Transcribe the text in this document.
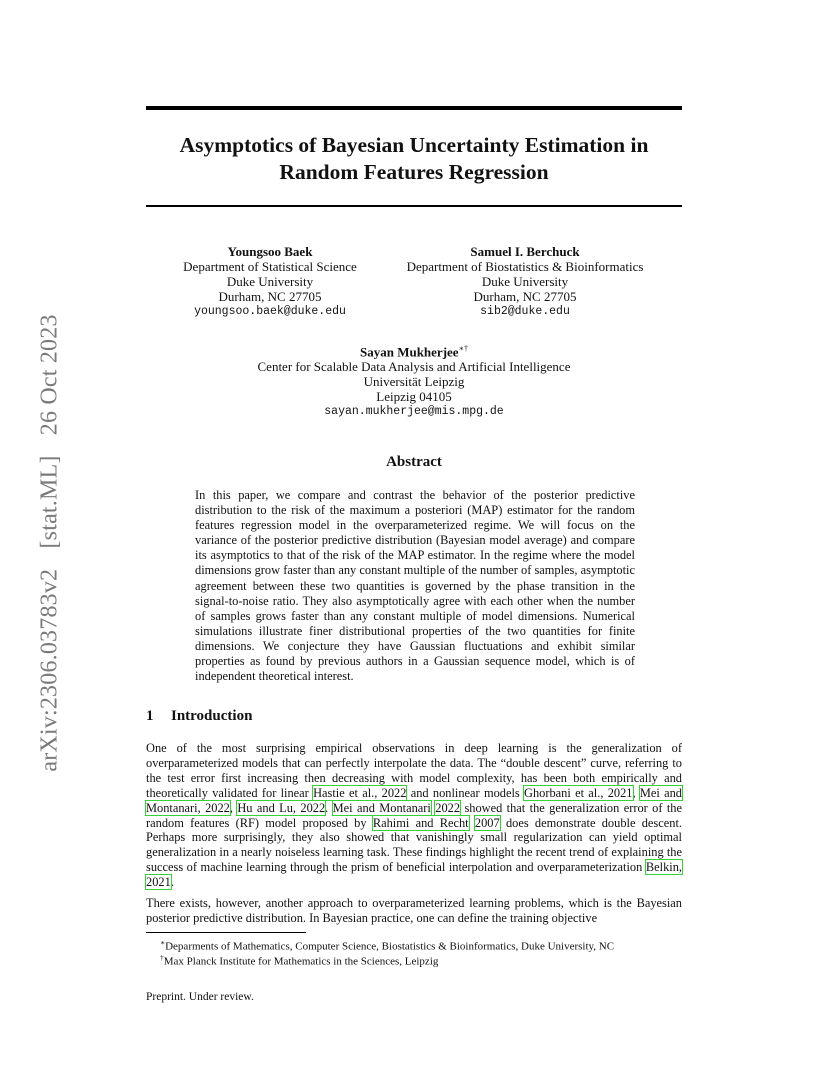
arXiv:2306.03783v2 [stat.ML] 26 Oct 2023
Asymptotics of Bayesian Uncertainty Estimation in
Random Features Regression
Youngsoo Baek
Department of Statistical Science
Duke University
Durham, NC 27705
youngsoo.baek@duke.edu
Samuel I. Berchuck
Department of Biostatistics & Bioinformatics
Duke University
Durham, NC 27705
sib2@duke.edu
Sayan Mukherjee∗†
Center for Scalable Data Analysis and Artificial Intelligence
Universität Leipzig
Leipzig 04105
sayan.mukherjee@mis.mpg.de
Abstract
In this paper, we compare and contrast the behavior of the posterior predictive distribution to the risk of the maximum a posteriori (MAP) estimator for the random features regression model in the overparameterized regime. We will focus on the variance of the posterior predictive distribution (Bayesian model average) and compare its asymptotics to that of the risk of the MAP estimator. In the regime where the model dimensions grow faster than any constant multiple of the number of samples, asymptotic agreement between these two quantities is governed by the phase transition in the signal-to-noise ratio. They also asymptotically agree with each other when the number of samples grows faster than any constant multiple of model dimensions. Numerical simulations illustrate finer distributional properties of the two quantities for finite dimensions. We conjecture they have Gaussian fluctuations and exhibit similar properties as found by previous authors in a Gaussian sequence model, which is of independent theoretical interest.
1 Introduction
One of the most surprising empirical observations in deep learning is the generalization of overparameterized models that can perfectly interpolate the data. The “double descent” curve, referring to the test error first increasing then decreasing with model complexity, has been both empirically and theoretically validated for linear Hastie et al., 2022 and nonlinear models Ghorbani et al., 2021, Mei and Montanari, 2022, Hu and Lu, 2022. Mei and Montanari 2022 showed that the generalization error of the random features (RF) model proposed by Rahimi and Recht 2007 does demonstrate double descent. Perhaps more surprisingly, they also showed that vanishingly small regularization can yield optimal generalization in a nearly noiseless learning task. These findings highlight the recent trend of explaining the success of machine learning through the prism of beneficial interpolation and overparameterization Belkin, 2021.
There exists, however, another approach to overparameterized learning problems, which is the Bayesian posterior predictive distribution. In Bayesian practice, one can define the training objective
∗Deparments of Mathematics, Computer Science, Biostatistics & Bioinformatics, Duke University, NC
†Max Planck Institute for Mathematics in the Sciences, Leipzig
Preprint. Under review.
